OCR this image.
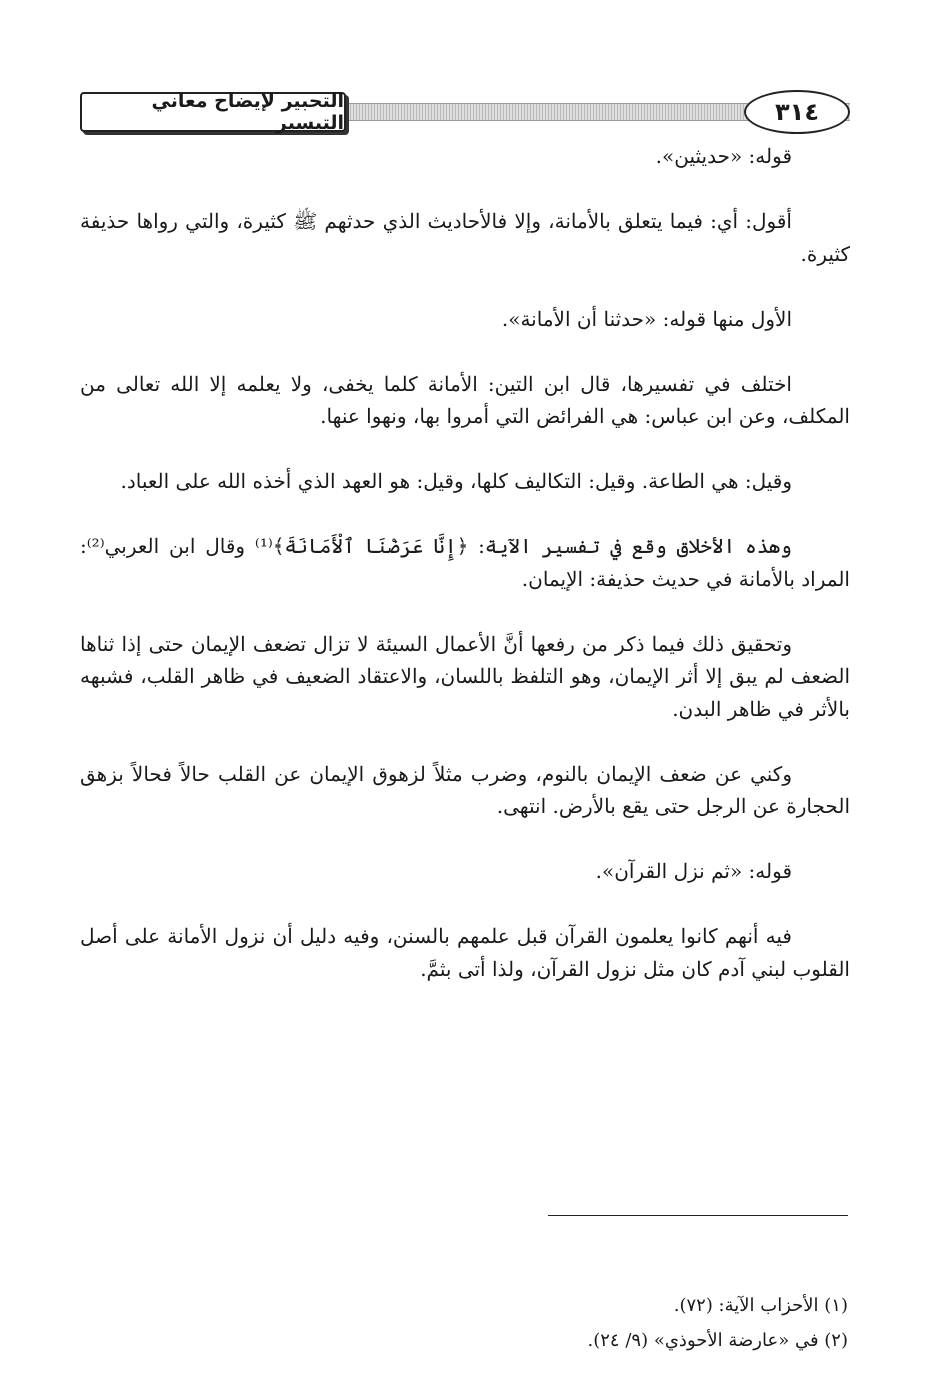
التحبير لإيضاح معاني التيسير	٣١٤

قوله: «حديثين».

أقول: أي: فيما يتعلق بالأمانة، وإلا فالأحاديث الذي حدثهم ﷺ كثيرة، والتي رواها حذيفة كثيرة.

الأول منها قوله: «حدثنا أن الأمانة».

اختلف في تفسيرها، قال ابن التين: الأمانة كلما يخفى، ولا يعلمه إلا الله تعالى من المكلف، وعن ابن عباس: هي الفرائض التي أمروا بها، ونهوا عنها.

وقيل: هي الطاعة. وقيل: التكاليف كلها، وقيل: هو العهد الذي أخذه الله على العباد.

وهذه الأخلاق وقع في تفسير الآية: ﴿إِنَّا عَرَضْنَا ٱلْأَمَانَةَ﴾⁽¹⁾ وقال ابن العربي⁽²⁾: المراد بالأمانة في حديث حذيفة: الإيمان.

وتحقيق ذلك فيما ذكر من رفعها أنَّ الأعمال السيئة لا تزال تضعف الإيمان حتى إذا ثناها الضعف لم يبق إلا أثر الإيمان، وهو التلفظ باللسان، والاعتقاد الضعيف في ظاهر القلب، فشبهه بالأثر في ظاهر البدن.

وكني عن ضعف الإيمان بالنوم، وضرب مثلاً لزهوق الإيمان عن القلب حالاً فحالاً بزهق الحجارة عن الرجل حتى يقع بالأرض. انتهى.

قوله: «ثم نزل القرآن».

فيه أنهم كانوا يعلمون القرآن قبل علمهم بالسنن، وفيه دليل أن نزول الأمانة على أصل القلوب لبني آدم كان مثل نزول القرآن، ولذا أتى بثمَّ.

(١) الأحزاب الآية: (٧٢).

(٢) في «عارضة الأحوذي» (٩/ ٢٤).
